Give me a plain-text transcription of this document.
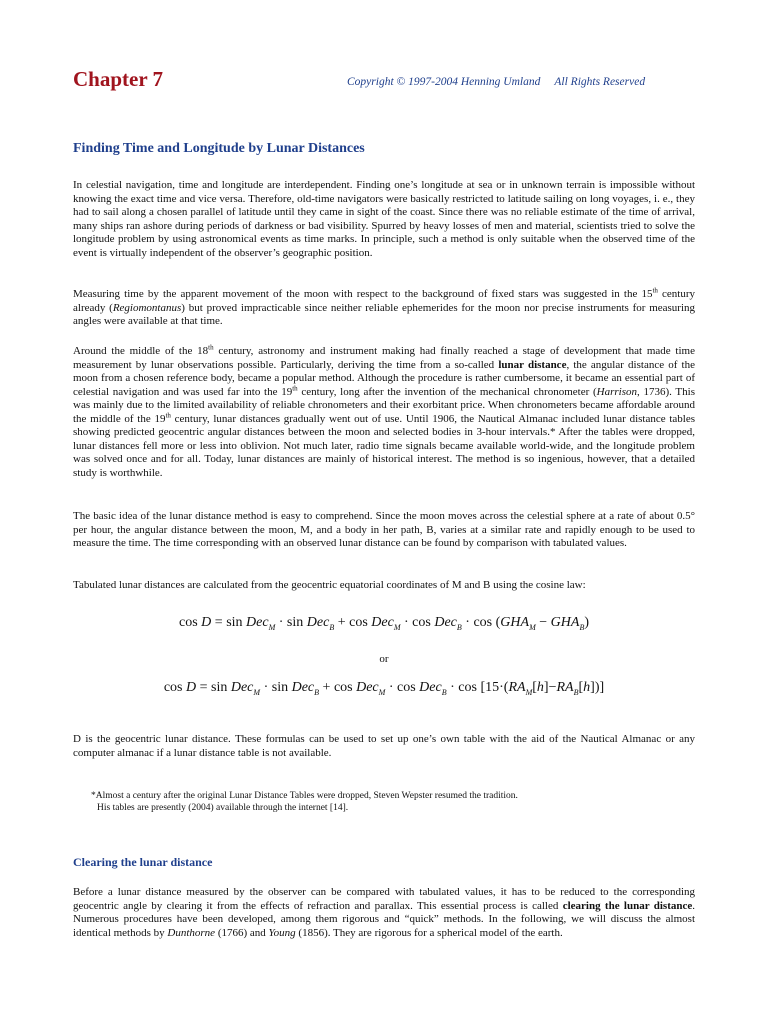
Chapter 7	Copyright © 1997-2004 Henning Umland All Rights Reserved
Finding Time and Longitude by Lunar Distances

In celestial navigation, time and longitude are interdependent. Finding one’s longitude at sea or in unknown terrain is impossible without knowing the exact time and vice versa. Therefore, old-time navigators were basically restricted to latitude sailing on long voyages, i. e., they had to sail along a chosen parallel of latitude until they came in sight of the coast. Since there was no reliable estimate of the time of arrival, many ships ran ashore during periods of darkness or bad visibility. Spurred by heavy losses of men and material, scientists tried to solve the longitude problem by using astronomical events as time marks. In principle, such a method is only suitable when the observed time of the event is virtually independent of the observer’s geographic position.

Measuring time by the apparent movement of the moon with respect to the background of fixed stars was suggested in the 15th century already (Regiomontanus) but proved impracticable since neither reliable ephemerides for the moon nor precise instruments for measuring angles were available at that time.

Around the middle of the 18th century, astronomy and instrument making had finally reached a stage of development that made time measurement by lunar observations possible. Particularly, deriving the time from a so-called lunar distance, the angular distance of the moon from a chosen reference body, became a popular method. Although the procedure is rather cumbersome, it became an essential part of celestial navigation and was used far into the 19th century, long after the invention of the mechanical chronometer (Harrison, 1736). This was mainly due to the limited availability of reliable chronometers and their exorbitant price. When chronometers became affordable around the middle of the 19th century, lunar distances gradually went out of use. Until 1906, the Nautical Almanac included lunar distance tables showing predicted geocentric angular distances between the moon and selected bodies in 3-hour intervals.* After the tables were dropped, lunar distances fell more or less into oblivion. Not much later, radio time signals became available world-wide, and the longitude problem was solved once and for all. Today, lunar distances are mainly of historical interest. The method is so ingenious, however, that a detailed study is worthwhile.

The basic idea of the lunar distance method is easy to comprehend. Since the moon moves across the celestial sphere at a rate of about 0.5° per hour, the angular distance between the moon, M, and a body in her path, B, varies at a similar rate and rapidly enough to be used to measure the time. The time corresponding with an observed lunar distance can be found by comparison with tabulated values.

Tabulated lunar distances are calculated from the geocentric equatorial coordinates of M and B using the cosine law:

$\cos D = \sin Dec_M \cdot \sin Dec_B + \cos Dec_M \cdot \cos Dec_B \cdot \cos (GHA_M - GHA_B)$
or
$\cos D = \sin Dec_M \cdot \sin Dec_B + \cos Dec_M \cdot \cos Dec_B \cdot \cos [15\cdot(RA_M[h]-RA_B[h])]$

D is the geocentric lunar distance. These formulas can be used to set up one’s own table with the aid of the Nautical Almanac or any computer almanac if a lunar distance table is not available.

*Almost a century after the original Lunar Distance Tables were dropped, Steven Wepster resumed the tradition.
His tables are presently (2004) available through the internet [14].
Clearing the lunar distance

Before a lunar distance measured by the observer can be compared with tabulated values, it has to be reduced to the corresponding geocentric angle by clearing it from the effects of refraction and parallax. This essential process is called clearing the lunar distance. Numerous procedures have been developed, among them rigorous and “quick” methods. In the following, we will discuss the almost identical methods by Dunthorne (1766) and Young (1856). They are rigorous for a spherical model of the earth.
